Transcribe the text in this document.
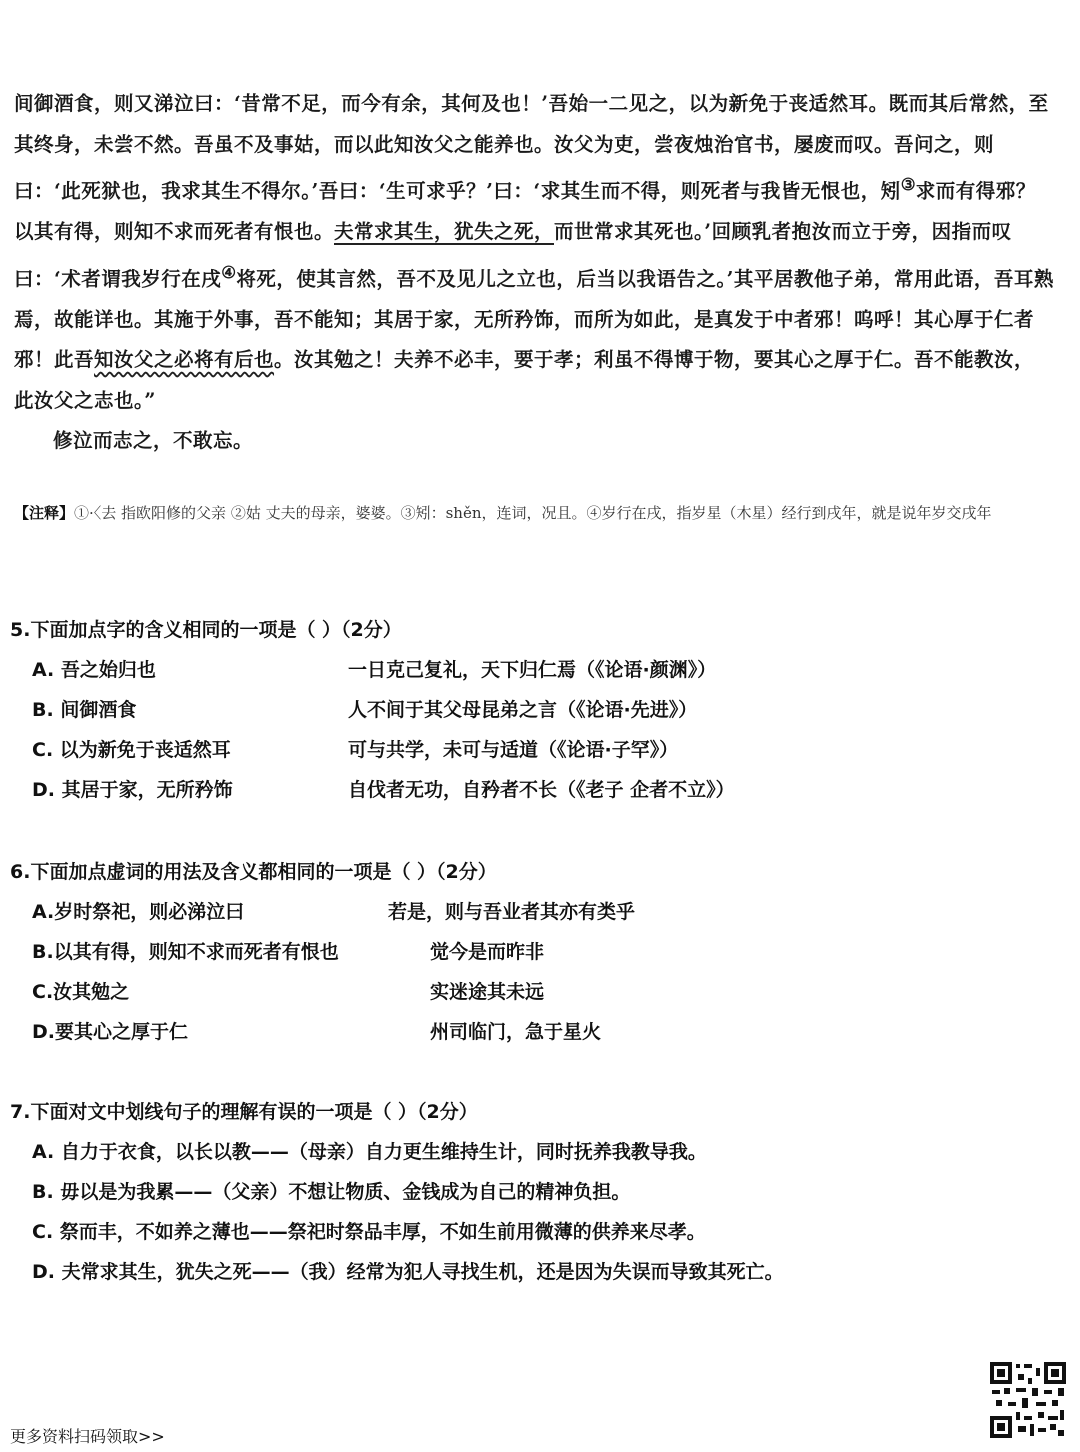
间御酒食，则又涕泣曰：‘昔常不足，而今有余，其何及也！’吾始一二见之，以为新免于丧适然耳。既而其后常然，至其终身，未尝不然。吾虽不及事姑，而以此知汝父之能养也。汝父为吏，尝夜烛治官书，屡废而叹。吾问之，则曰：‘此死狱也，我求其生不得尔。’吾曰：‘生可求乎？’曰：‘求其生而不得，则死者与我皆无恨也，矧③求而有得邪？以其有得，则知不求而死者有恨也。夫常求其生，犹失之死，而世常求其死也。’回顾乳者抱汝而立于旁，因指而叹曰：‘术者谓我岁行在戌④将死，使其言然，吾不及见儿之立也，后当以我语告之。’其平居教他子弟，常用此语，吾耳熟焉，故能详也。其施于外事，吾不能知；其居于家，无所矜饰，而所为如此，是真发于中者邪！呜呼！其心厚于仁者邪！此吾知汝父之必将有后也。汝其勉之！夫养不必丰，要于孝；利虽不得博于物，要其心之厚于仁。吾不能教汝，此汝父之志也。”

修泣而志之，不敢忘。

【注释】①·〈去 指欧阳修的父亲 ②姑 丈夫的母亲，婆婆。③矧：shěn，连词，况且。④岁行在戌，指岁星（木星）经行到戌年，就是说年岁交戌年
5.下面加点字的含义相同的一项是（ ）（2分）
A. 吾之始归也	一日克己复礼，天下归仁焉（《论语·颜渊》）
B. 间御酒食	人不间于其父母昆弟之言（《论语·先进》）
C. 以为新免于丧适然耳	可与共学，未可与适道（《论语·子罕》）
D. 其居于家，无所矜饰	自伐者无功，自矜者不长（《老子 企者不立》）
6.下面加点虚词的用法及含义都相同的一项是（ ）（2分）
A.岁时祭祀，则必涕泣曰	若是，则与吾业者其亦有类乎
B.以其有得，则知不求而死者有恨也	觉今是而昨非
C.汝其勉之	实迷途其未远
D.要其心之厚于仁	州司临门，急于星火
7.下面对文中划线句子的理解有误的一项是（ ）（2分）
A. 自力于衣食，以长以教——（母亲）自力更生维持生计，同时抚养我教导我。
B. 毋以是为我累——（父亲）不想让物质、金钱成为自己的精神负担。
C. 祭而丰，不如养之薄也——祭祀时祭品丰厚，不如生前用微薄的供养来尽孝。
D. 夫常求其生，犹失之死——（我）经常为犯人寻找生机，还是因为失误而导致其死亡。
更多资料扫码领取>>
